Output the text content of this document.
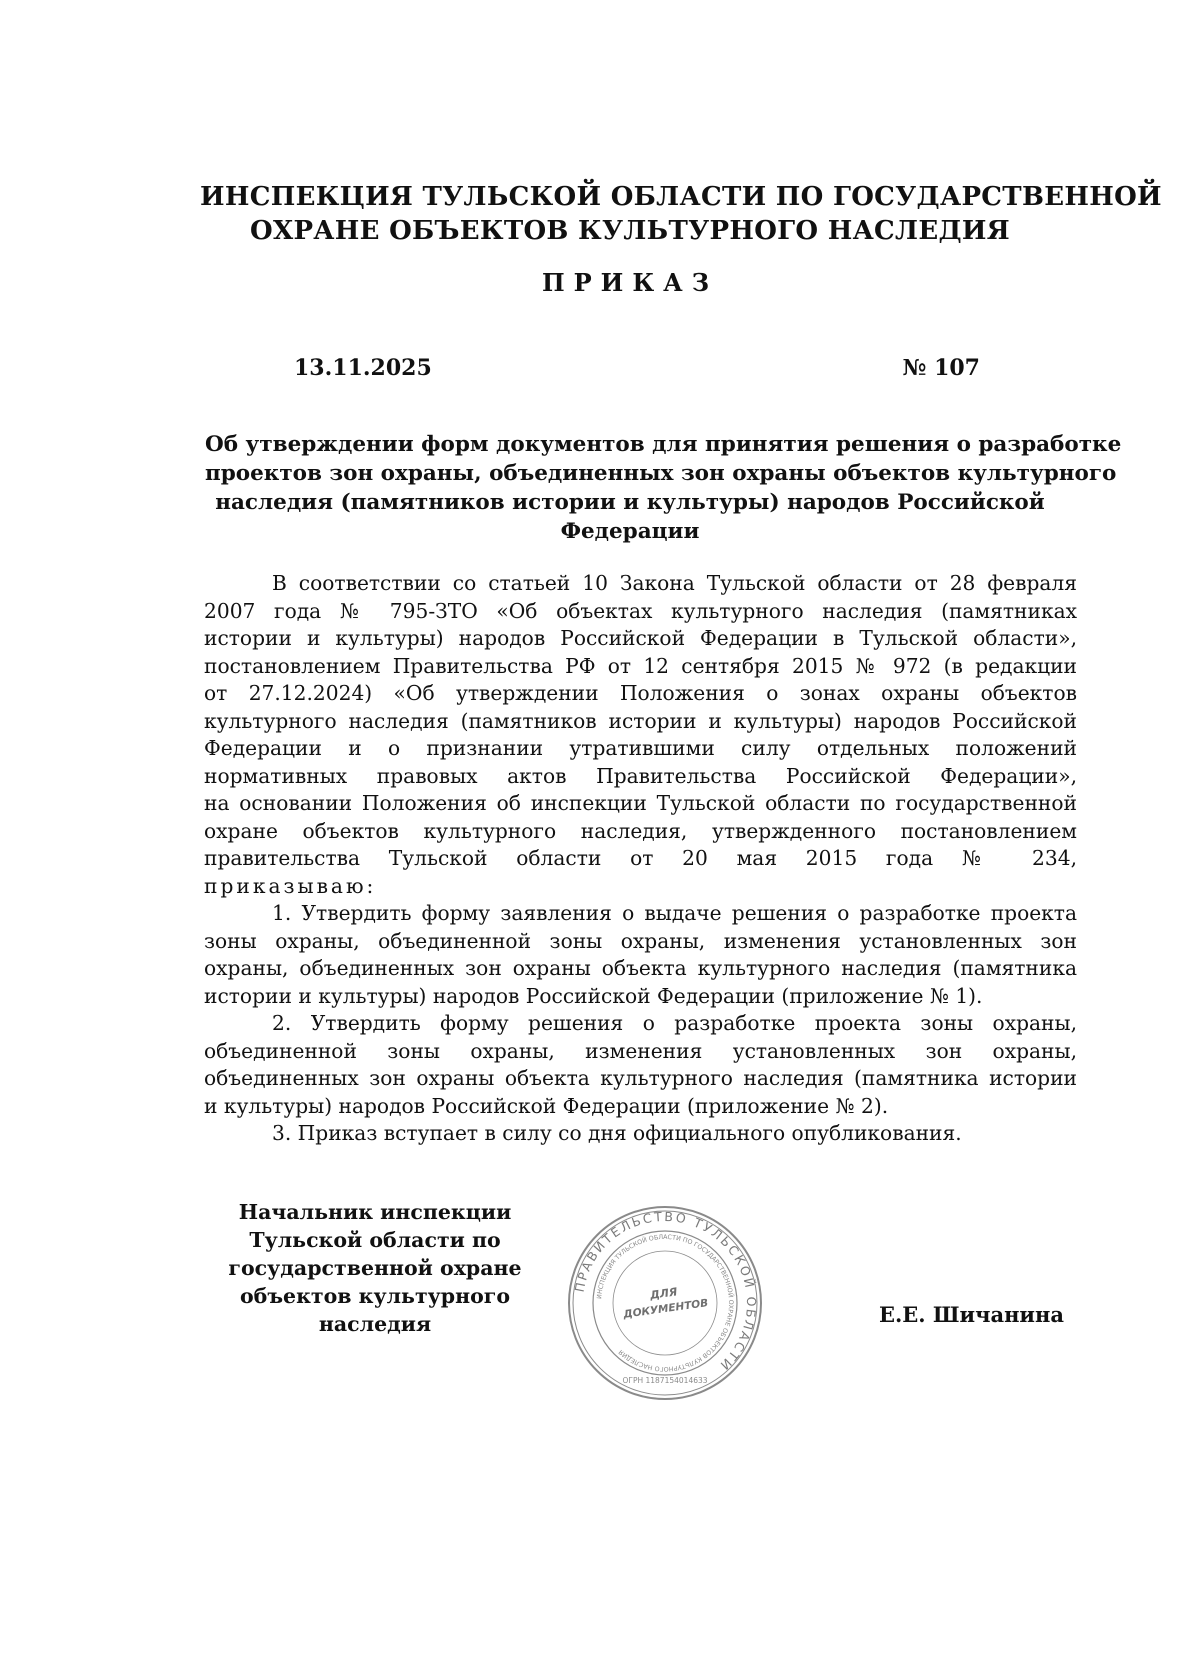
ИНСПЕКЦИЯ ТУЛЬСКОЙ ОБЛАСТИ ПО ГОСУДАРСТВЕННОЙ
ОХРАНЕ ОБЪЕКТОВ КУЛЬТУРНОГО НАСЛЕДИЯ
ПРИКАЗ
13.11.2025	№ 107
Об утверждении форм документов для принятия решения о разработке
проектов зон охраны, объединенных зон охраны объектов культурного
наследия (памятников истории и культуры) народов Российской
Федерации
В соответствии со статьей 10 Закона Тульской области от 28 февраля
2007 года № 795-ЗТО «Об объектах культурного наследия (памятниках
истории и культуры) народов Российской Федерации в Тульской области»,
постановлением Правительства РФ от 12 сентября 2015 № 972 (в редакции
от 27.12.2024) «Об утверждении Положения о зонах охраны объектов
культурного наследия (памятников истории и культуры) народов Российской
Федерации и о признании утратившими силу отдельных положений
нормативных правовых актов Правительства Российской Федерации»,
на основании Положения об инспекции Тульской области по государственной
охране объектов культурного наследия, утвержденного постановлением
правительства Тульской области от 20 мая 2015 года № 234,
приказываю:
1. Утвердить форму заявления о выдаче решения о разработке проекта
зоны охраны, объединенной зоны охраны, изменения установленных зон
охраны, объединенных зон охраны объекта культурного наследия (памятника
истории и культуры) народов Российской Федерации (приложение № 1).
2. Утвердить форму решения о разработке проекта зоны охраны,
объединенной зоны охраны, изменения установленных зон охраны,
объединенных зон охраны объекта культурного наследия (памятника истории
и культуры) народов Российской Федерации (приложение № 2).
3. Приказ вступает в силу со дня официального опубликования.
Начальник инспекции
Тульской области по
государственной охране
объектов культурного
наследия
ПРАВИТЕЛЬСТВО ТУЛЬСКОЙ ОБЛАСТИ
ИНСПЕКЦИЯ ТУЛЬСКОЙ ОБЛАСТИ ПО ГОСУДАРСТВЕННОЙ ОХРАНЕ ОБЪЕКТОВ КУЛЬТУРНОГО НАСЛЕДИЯ
ДЛЯ
ДОКУМЕНТОВ
ОГРН 1187154014633
Е.Е. Шичанина
